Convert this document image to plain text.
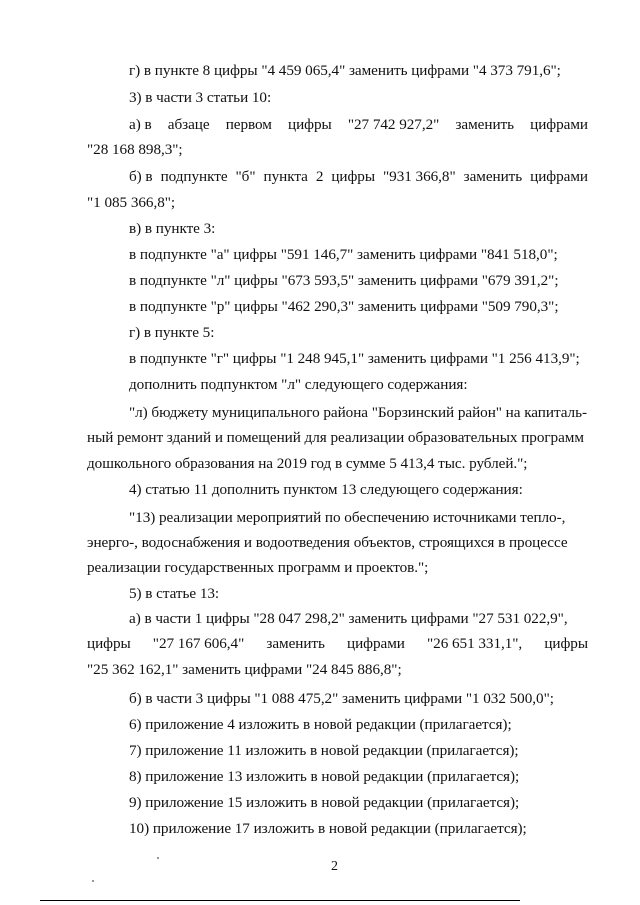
г) в пункте 8 цифры "4 459 065,4" заменить цифрами "4 373 791,6";
3) в части 3 статьи 10:
а) в абзаце первом цифры "27 742 927,2" заменить цифрами
"28 168 898,3";
б) в подпункте "б" пункта 2 цифры "931 366,8" заменить цифрами
"1 085 366,8";
в) в пункте 3:
в подпункте "а" цифры "591 146,7" заменить цифрами "841 518,0";
в подпункте "л" цифры "673 593,5" заменить цифрами "679 391,2";
в подпункте "р" цифры "462 290,3" заменить цифрами "509 790,3";
г) в пункте 5:
в подпункте "г" цифры "1 248 945,1" заменить цифрами "1 256 413,9";
дополнить подпунктом "л" следующего содержания:
"л) бюджету муниципального района "Борзинский район" на капиталь-
ный ремонт зданий и помещений для реализации образовательных программ
дошкольного образования на 2019 год в сумме 5 413,4 тыс. рублей.";
4) статью 11 дополнить пунктом 13 следующего содержания:
"13) реализации мероприятий по обеспечению источниками тепло-,
энерго-, водоснабжения и водоотведения объектов, строящихся в процессе
реализации государственных программ и проектов.";
5) в статье 13:
а) в части 1 цифры "28 047 298,2" заменить цифрами "27 531 022,9",
цифры "27 167 606,4" заменить цифрами "26 651 331,1", цифры
"25 362 162,1" заменить цифрами "24 845 886,8";
б) в части 3 цифры "1 088 475,2" заменить цифрами "1 032 500,0";
6) приложение 4 изложить в новой редакции (прилагается);
7) приложение 11 изложить в новой редакции (прилагается);
8) приложение 13 изложить в новой редакции (прилагается);
9) приложение 15 изложить в новой редакции (прилагается);
10) приложение 17 изложить в новой редакции (прилагается);
2
